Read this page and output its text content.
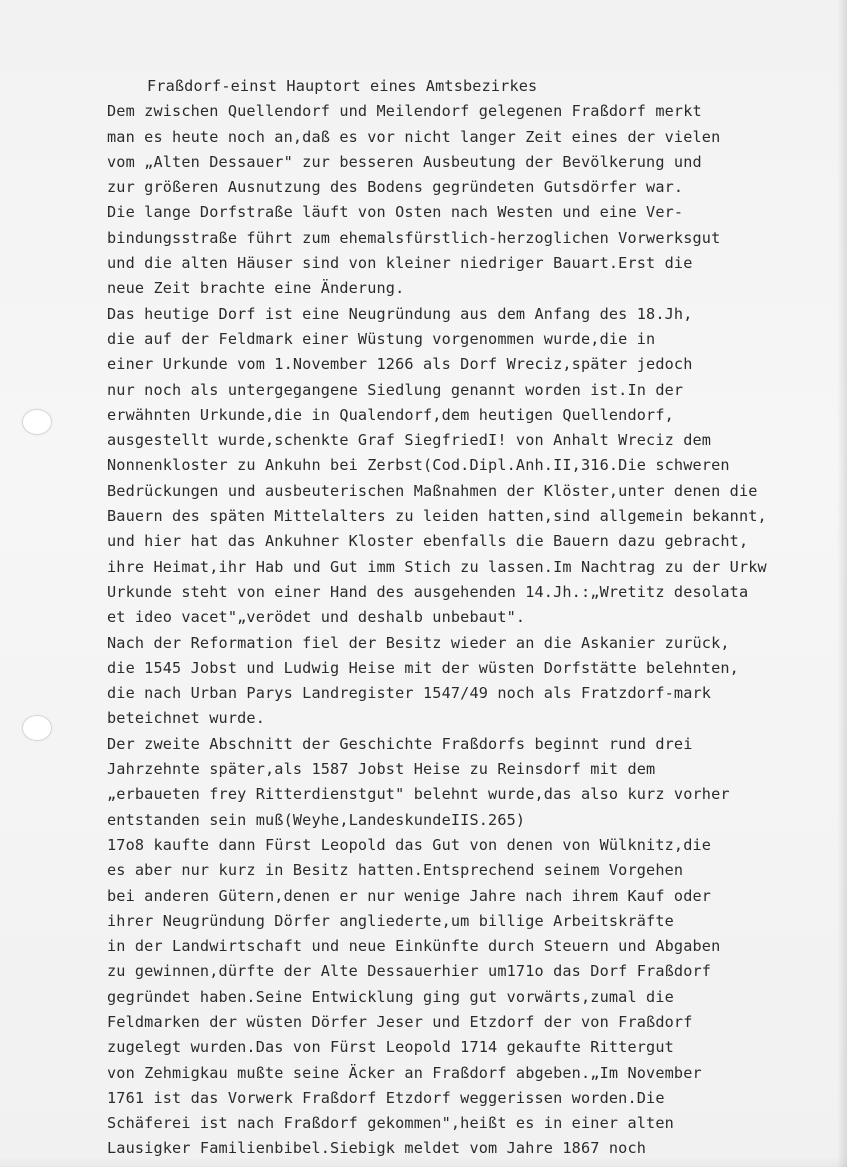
Fraßdorf-einst Hauptort eines Amtsbezirkes
Dem zwischen Quellendorf und Meilendorf gelegenen Fraßdorf merkt
man es heute noch an,daß es vor nicht langer Zeit eines der vielen
vom „Alten Dessauer" zur besseren Ausbeutung der Bevölkerung und
zur größeren Ausnutzung des Bodens gegründeten Gutsdörfer war.
Die lange Dorfstraße läuft von Osten nach Westen und eine Ver-
bindungsstraße führt zum ehemalsfürstlich-herzoglichen Vorwerksgut
und die alten Häuser sind von kleiner niedriger Bauart.Erst die
neue Zeit brachte eine Änderung.
Das heutige Dorf ist eine Neugründung aus dem Anfang des 18.Jh,
die auf der Feldmark einer Wüstung vorgenommen wurde,die in
einer Urkunde vom 1.November 1266 als Dorf Wreciz,später jedoch
nur noch als untergegangene Siedlung genannt worden ist.In der
erwähnten Urkunde,die in Qualendorf,dem heutigen Quellendorf,
ausgestellt wurde,schenkte Graf SiegfriedI! von Anhalt Wreciz dem
Nonnenkloster zu Ankuhn bei Zerbst(Cod.Dipl.Anh.II,316.Die schweren
Bedrückungen und ausbeuterischen Maßnahmen der Klöster,unter denen die
Bauern des späten Mittelalters zu leiden hatten,sind allgemein bekannt,
und hier hat das Ankuhner Kloster ebenfalls die Bauern dazu gebracht,
ihre Heimat,ihr Hab und Gut imm Stich zu lassen.Im Nachtrag zu der Urkw
Urkunde steht von einer Hand des ausgehenden 14.Jh.:„Wretitz desolata
et ideo vacet"„verödet und deshalb unbebaut".
Nach der Reformation fiel der Besitz wieder an die Askanier zurück,
die 1545 Jobst und Ludwig Heise mit der wüsten Dorfstätte belehnten,
die nach Urban Parys Landregister 1547/49 noch als Fratzdorf-mark
beteichnet wurde.
Der zweite Abschnitt der Geschichte Fraßdorfs beginnt rund drei
Jahrzehnte später,als 1587 Jobst Heise zu Reinsdorf mit dem
„erbaueten frey Ritterdienstgut" belehnt wurde,das also kurz vorher
entstanden sein muß(Weyhe,LandeskundeIIS.265)
17o8 kaufte dann Fürst Leopold das Gut von denen von Wülknitz,die
es aber nur kurz in Besitz hatten.Entsprechend seinem Vorgehen
bei anderen Gütern,denen er nur wenige Jahre nach ihrem Kauf oder
ihrer Neugründung Dörfer angliederte,um billige Arbeitskräfte
in der Landwirtschaft und neue Einkünfte durch Steuern und Abgaben
zu gewinnen,dürfte der Alte Dessauerhier um171o das Dorf Fraßdorf
gegründet haben.Seine Entwicklung ging gut vorwärts,zumal die
Feldmarken der wüsten Dörfer Jeser und Etzdorf der von Fraßdorf
zugelegt wurden.Das von Fürst Leopold 1714 gekaufte Rittergut
von Zehmigkau mußte seine Äcker an Fraßdorf abgeben.„Im November
1761 ist das Vorwerk Fraßdorf Etzdorf weggerissen worden.Die
Schäferei ist nach Fraßdorf gekommen",heißt es in einer alten
Lausigker Familienbibel.Siebigk meldet vom Jahre 1867 noch
